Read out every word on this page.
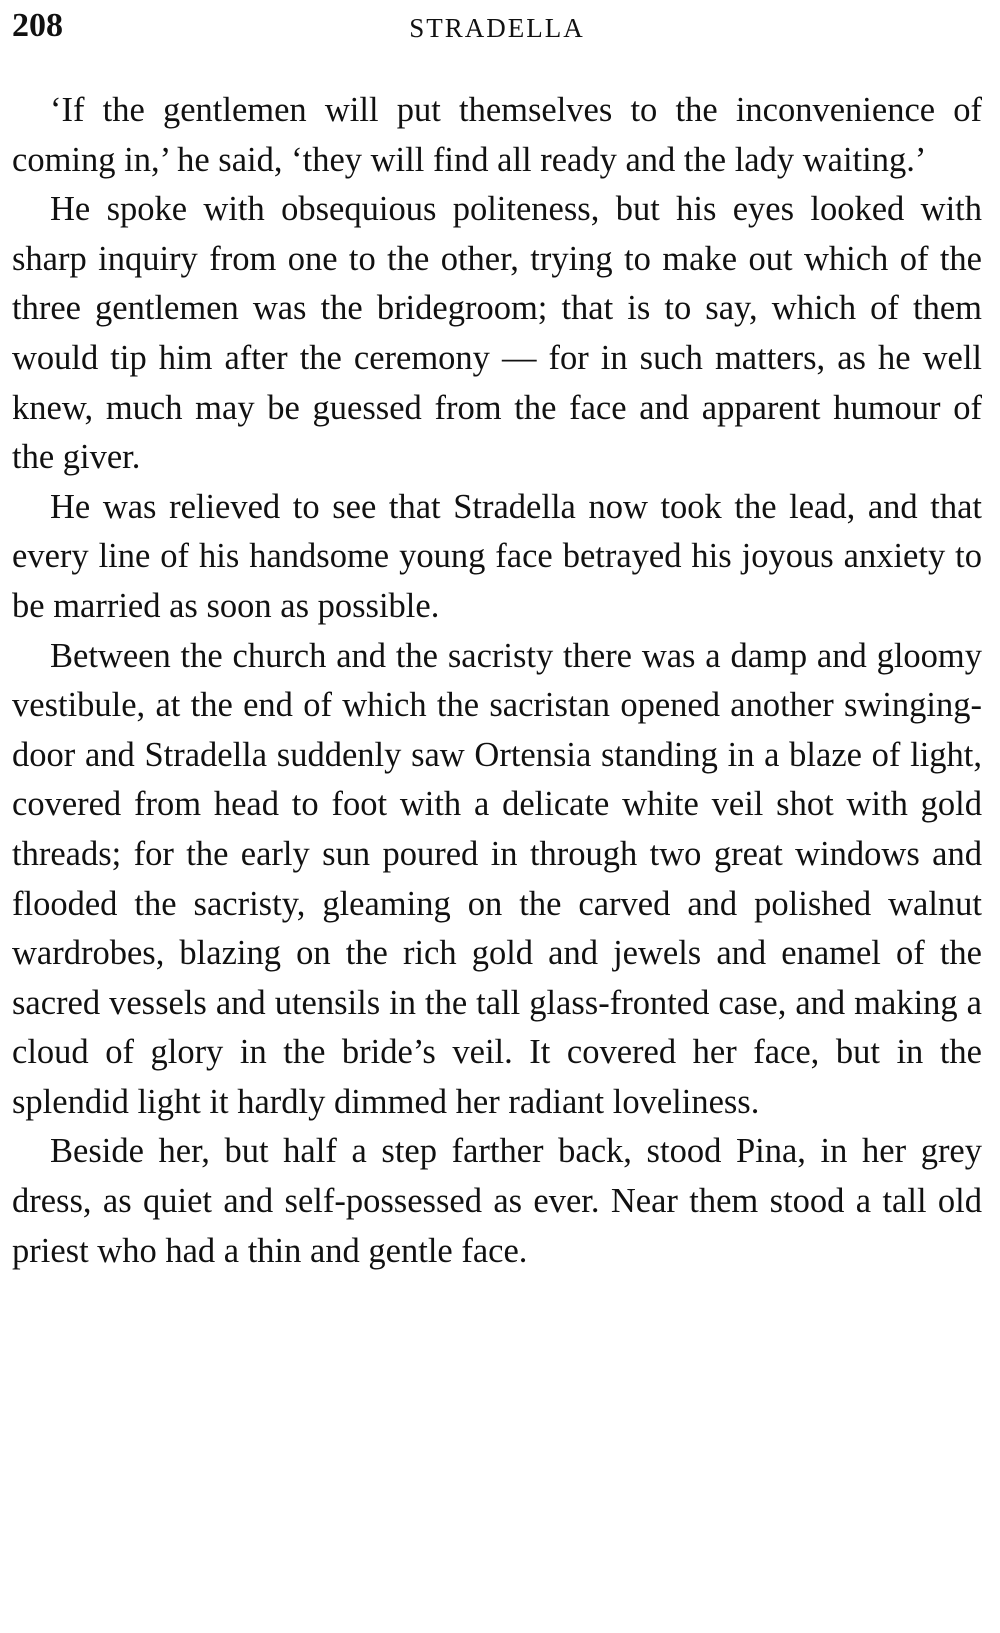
208	STRADELLA

‘If the gentlemen will put themselves to the inconvenience of coming in,’ he said, ‘they will find all ready and the lady waiting.’

He spoke with obsequious politeness, but his eyes looked with sharp inquiry from one to the other, trying to make out which of the three gentlemen was the bridegroom; that is to say, which of them would tip him after the ceremony — for in such matters, as he well knew, much may be guessed from the face and apparent humour of the giver.

He was relieved to see that Stradella now took the lead, and that every line of his handsome young face betrayed his joyous anxiety to be married as soon as possible.

Between the church and the sacristy there was a damp and gloomy vestibule, at the end of which the sacristan opened another swinging-door and Stradella suddenly saw Ortensia standing in a blaze of light, covered from head to foot with a delicate white veil shot with gold threads; for the early sun poured in through two great windows and flooded the sacristy, gleaming on the carved and polished walnut wardrobes, blazing on the rich gold and jewels and enamel of the sacred vessels and utensils in the tall glass-fronted case, and making a cloud of glory in the bride’s veil. It covered her face, but in the splendid light it hardly dimmed her radiant loveliness.

Beside her, but half a step farther back, stood Pina, in her grey dress, as quiet and self-possessed as ever. Near them stood a tall old priest who had a thin and gentle face.
